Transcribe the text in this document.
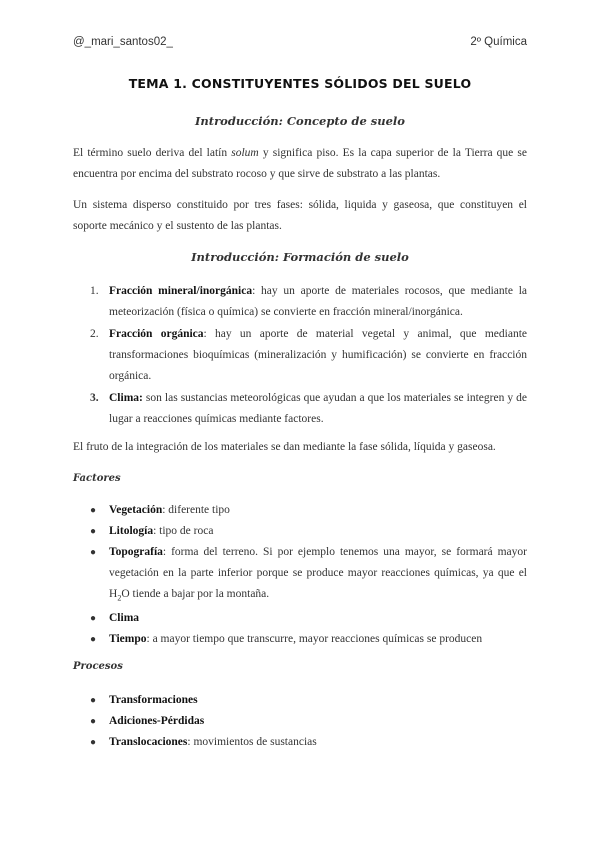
@_mari_santos02_	2º Química
TEMA 1. CONSTITUYENTES SÓLIDOS DEL SUELO
Introducción: Concepto de suelo

El término suelo deriva del latín solum y significa piso. Es la capa superior de la Tierra que se encuentra por encima del substrato rocoso y que sirve de substrato a las plantas.

Un sistema disperso constituido por tres fases: sólida, liquida y gaseosa, que constituyen el soporte mecánico y el sustento de las plantas.

Introducción: Formación de suelo
1. Fracción mineral/inorgánica: hay un aporte de materiales rocosos, que mediante la meteorización (física o química) se convierte en fracción mineral/inorgánica.
2. Fracción orgánica: hay un aporte de material vegetal y animal, que mediante transformaciones bioquímicas (mineralización y humificación) se convierte en fracción orgánica.
3. Clima: son las sustancias meteorológicas que ayudan a que los materiales se integren y de lugar a reacciones químicas mediante factores.

El fruto de la integración de los materiales se dan mediante la fase sólida, líquida y gaseosa.

Factores
● Vegetación: diferente tipo
● Litología: tipo de roca
● Topografía: forma del terreno. Si por ejemplo tenemos una mayor, se formará mayor vegetación en la parte inferior porque se produce mayor reacciones químicas, ya que el $H_2O$ tiende a bajar por la montaña.
● Clima
● Tiempo: a mayor tiempo que transcurre, mayor reacciones químicas se producen
Procesos
● Transformaciones
● Adiciones-Pérdidas
● Translocaciones: movimientos de sustancias
